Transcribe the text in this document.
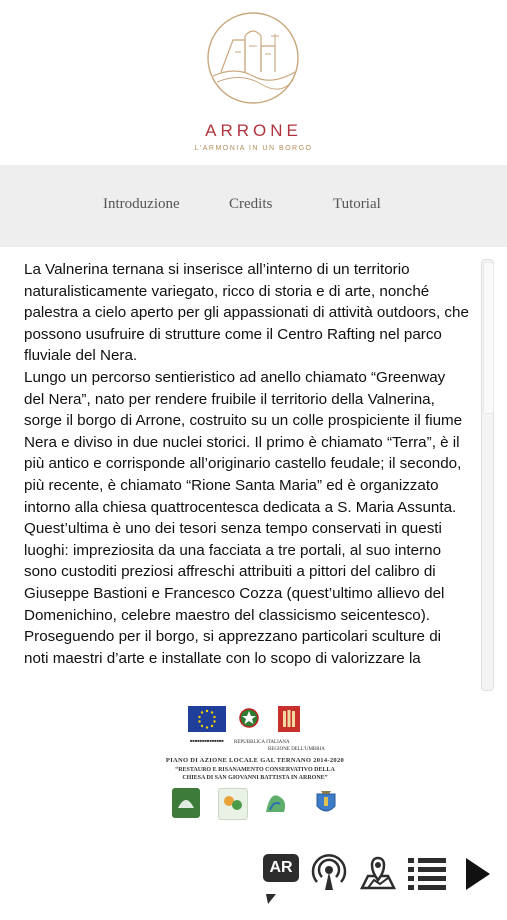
ARRONE
L'ARMONIA IN UN BORGO
Introduzione	Credits	Tutorial

La Valnerina ternana si inserisce all’interno di un territorio naturalisticamente variegato, ricco di storia e di arte, nonché palestra a cielo aperto per gli appassionati di attività outdoors, che possono usufruire di strutture come il Centro Rafting nel parco fluviale del Nera.

Lungo un percorso sentieristico ad anello chiamato “Greenway del Nera”, nato per rendere fruibile il territorio della Valnerina, sorge il borgo di Arrone, costruito su un colle prospiciente il fiume Nera e diviso in due nuclei storici. Il primo è chiamato “Terra”, è il più antico e corrisponde all’originario castello feudale; il secondo, più recente, è chiamato “Rione Santa Maria” ed è organizzato intorno alla chiesa quattrocentesca dedicata a S. Maria Assunta.

Quest’ultima è uno dei tesori senza tempo conservati in questi luoghi: impreziosita da una facciata a tre portali, al suo interno sono custoditi preziosi affreschi attribuiti a pittori del calibro di Giuseppe Bastioni e Francesco Cozza (quest’ultimo allievo del Domenichino, celebre maestro del classicismo seicentesco).

Proseguendo per il borgo, si apprezzano particolari sculture di noti maestri d’arte e installate con lo scopo di valorizzare la

■■■■■■■■■■■■■■ REPUBBLICA ITALIANA
REGIONE DELL'UMBRIA
PIANO DI AZIONE LOCALE GAL TERNANO 2014-2020
“RESTAURO E RISANAMENTO CONSERVATIVO DELLA
CHIESA DI SAN GIOVANNI BATTISTA IN ARRONE”
AR
